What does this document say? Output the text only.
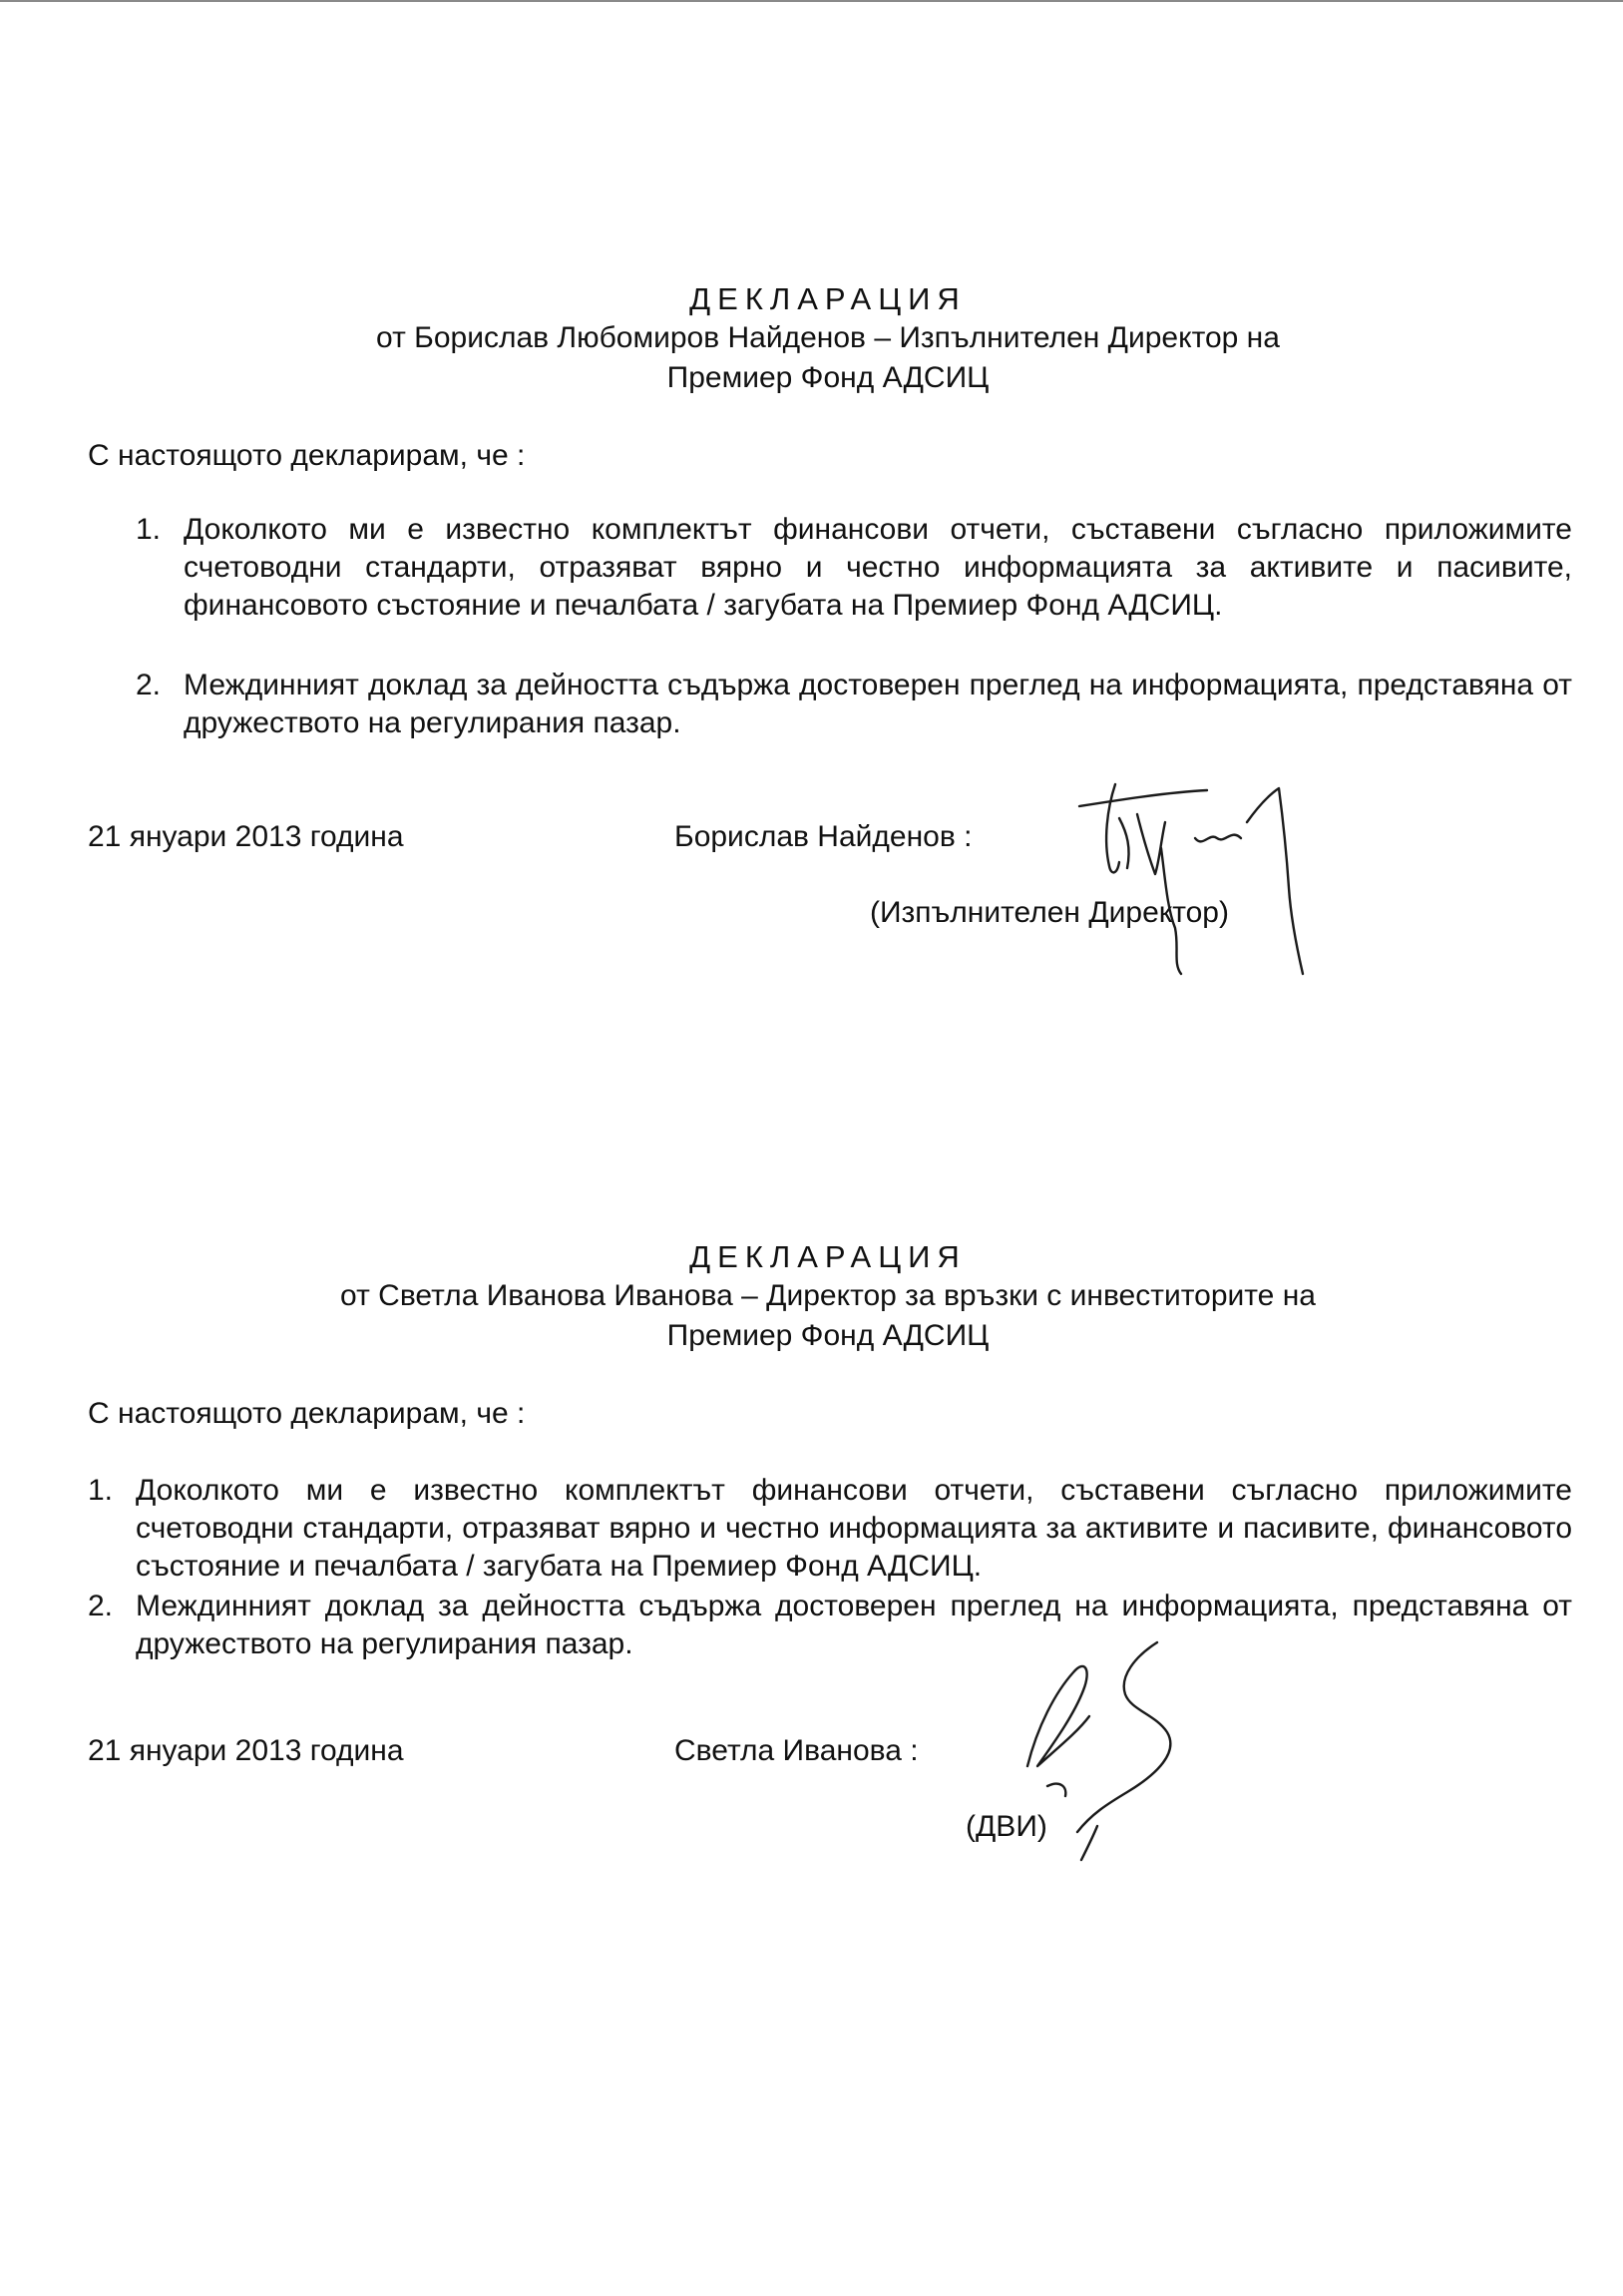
ДЕКЛАРАЦИЯ
от Борислав Любомиров Найденов – Изпълнителен Директор на
Премиер Фонд АДСИЦ
С настоящото декларирам, че :
1. Доколкото ми е известно комплектът финансови отчети, съставени съгласно приложимите счетоводни стандарти, отразяват вярно и честно информацията за активите и пасивите, финансовото състояние и печалбата / загубата на Премиер Фонд АДСИЦ.
2. Междинният доклад за дейността съдържа достоверен преглед на информацията, представяна от дружеството на регулирания пазар.
21 януари 2013 година	Борислав Найденов :
(Изпълнителен Директор)
ДЕКЛАРАЦИЯ
от Светла Иванова Иванова – Директор за връзки с инвеститорите на
Премиер Фонд АДСИЦ
С настоящото декларирам, че :
1. Доколкото ми е известно комплектът финансови отчети, съставени съгласно приложимите счетоводни стандарти, отразяват вярно и честно информацията за активите и пасивите, финансовото състояние и печалбата / загубата на Премиер Фонд АДСИЦ.
2. Междинният доклад за дейността съдържа достоверен преглед на информацията, представяна от дружеството на регулирания пазар.
21 януари 2013 година	Светла Иванова :
(ДВИ)
